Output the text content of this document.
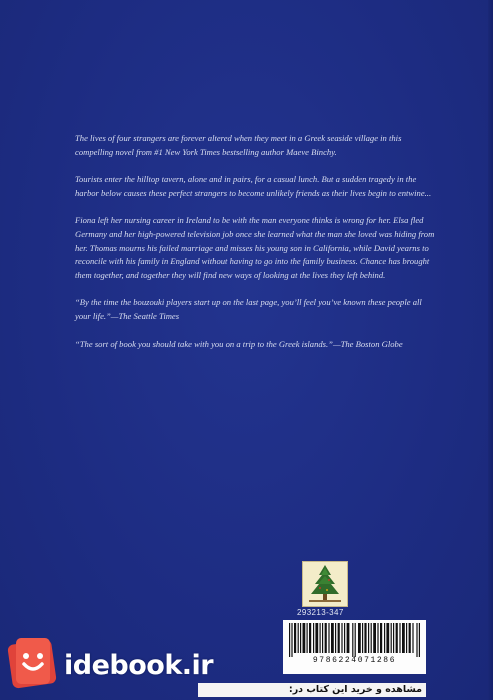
The lives of four strangers are forever altered when they meet in a Greek seaside village in this compelling novel from #1 New York Times bestselling author Maeve Binchy.

Tourists enter the hilltop tavern, alone and in pairs, for a casual lunch. But a sudden tragedy in the harbor below causes these perfect strangers to become unlikely friends as their lives begin to entwine...

Fiona left her nursing career in Ireland to be with the man everyone thinks is wrong for her. Elsa fled Germany and her high-powered television job once she learned what the man she loved was hiding from her. Thomas mourns his failed marriage and misses his young son in California, while David yearns to reconcile with his family in England without having to go into the family business. Chance has brought them together, and together they will find new ways of looking at the lives they left behind.

“By the time the bouzouki players start up on the last page, you’ll feel you’ve known these people all your life.”—The Seattle Times

“The sort of book you should take with you on a trip to the Greek islands.”—The Boston Globe

293213-347
9786224071286
مشاهده و خرید این کتاب در:
idebook.ir
